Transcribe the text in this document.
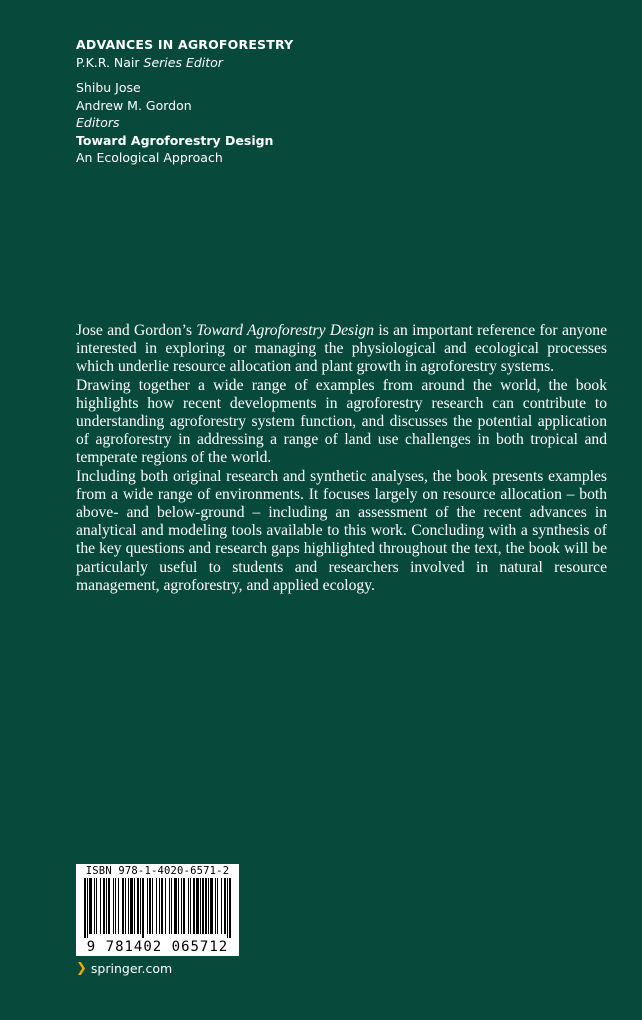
ADVANCES IN AGROFORESTRY
P.K.R. Nair Series Editor
Shibu Jose
Andrew M. Gordon
Editors
Toward Agroforestry Design
An Ecological Approach

Jose and Gordon’s Toward Agroforestry Design is an important reference for anyone interested in exploring or managing the physiological and ecological processes which underlie resource allocation and plant growth in agroforestry systems.

Drawing together a wide range of examples from around the world, the book highlights how recent developments in agroforestry research can contribute to understanding agroforestry system function, and discusses the potential application of agroforestry in addressing a range of land use challenges in both tropical and temperate regions of the world.

Including both original research and synthetic analyses, the book presents examples from a wide range of environments. It focuses largely on resource allocation – both above- and below-ground – including an assessment of the recent advances in analytical and modeling tools available to this work. Concluding with a synthesis of the key questions and research gaps highlighted throughout the text, the book will be particularly useful to students and researchers involved in natural resource management, agroforestry, and applied ecology.

ISBN 978-1-4020-6571-2
9 781402 065712
❯ springer.com
